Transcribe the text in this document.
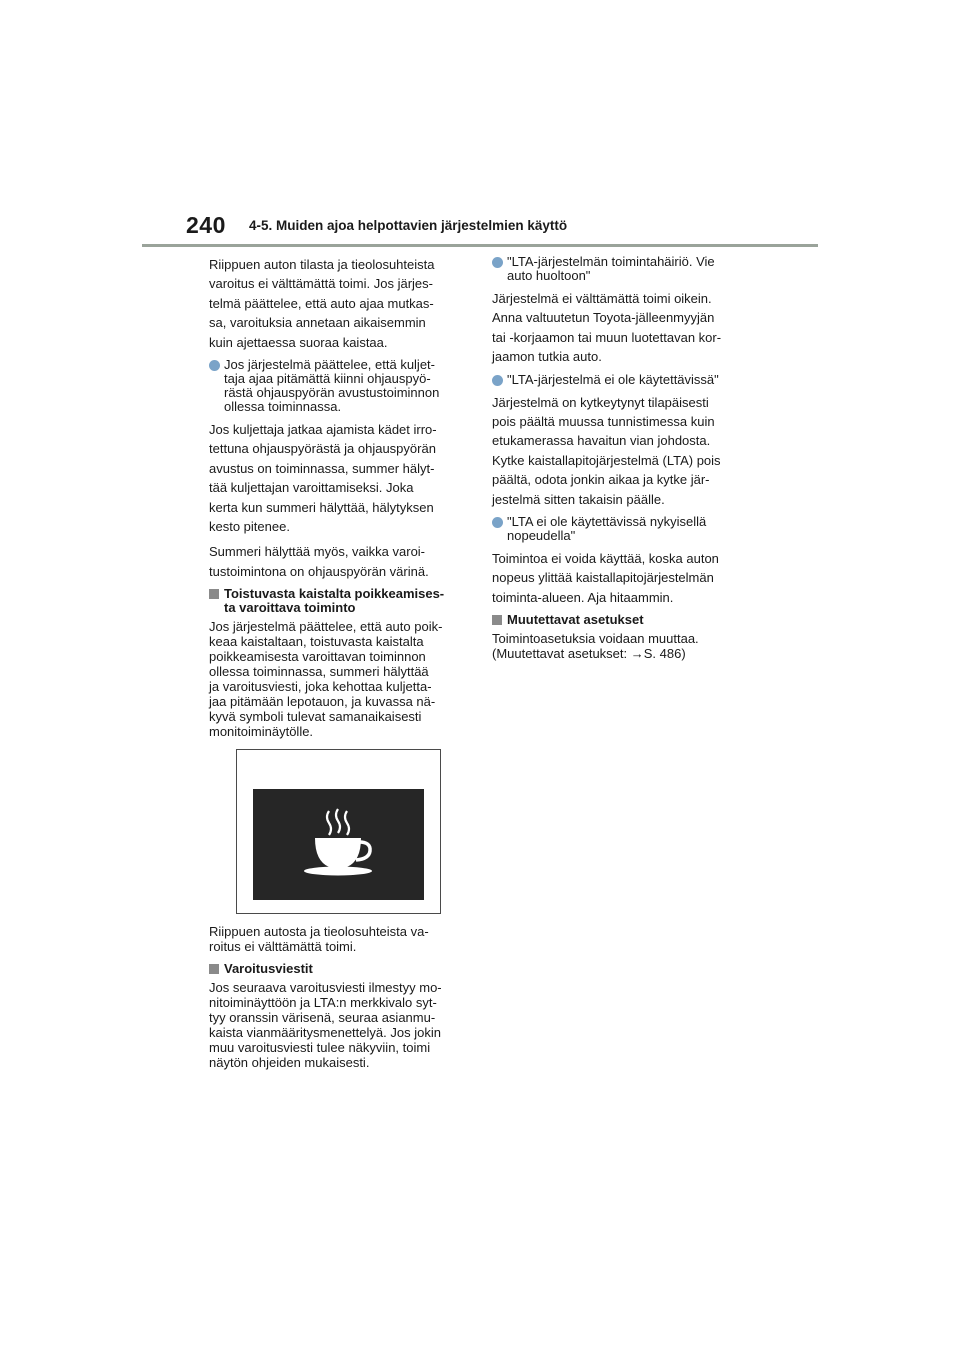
240 4-5. Muiden ajoa helpottavien järjestelmien käyttö
Riippuen auton tilasta ja tieolosuhteista
varoitus ei välttämättä toimi. Jos järjes-
telmä päättelee, että auto ajaa mutkas-
sa, varoituksia annetaan aikaisemmin
kuin ajettaessa suoraa kaistaa.
Jos järjestelmä päättelee, että kuljet-
taja ajaa pitämättä kiinni ohjauspyö-
rästä ohjauspyörän avustustoiminnon
ollessa toiminnassa.
Jos kuljettaja jatkaa ajamista kädet irro-
tettuna ohjauspyörästä ja ohjauspyörän
avustus on toiminnassa, summer hälyt-
tää kuljettajan varoittamiseksi. Joka
kerta kun summeri hälyttää, hälytyksen
kesto pitenee.
Summeri hälyttää myös, vaikka varoi-
tustoimintona on ohjauspyörän värinä.
Toistuvasta kaistalta poikkeamises-
ta varoittava toiminto
Jos järjestelmä päättelee, että auto poik-
keaa kaistaltaan, toistuvasta kaistalta
poikkeamisesta varoittavan toiminnon
ollessa toiminnassa, summeri hälyttää
ja varoitusviesti, joka kehottaa kuljetta-
jaa pitämään lepotauon, ja kuvassa nä-
kyvä symboli tulevat samanaikaisesti
monitoiminäytölle.
Riippuen autosta ja tieolosuhteista va-
roitus ei välttämättä toimi.
Varoitusviestit
Jos seuraava varoitusviesti ilmestyy mo-
nitoiminäyttöön ja LTA:n merkkivalo syt-
tyy oranssin värisenä, seuraa asianmu-
kaista vianmääritysmenettelyä. Jos jokin
muu varoitusviesti tulee näkyviin, toimi
näytön ohjeiden mukaisesti.
"LTA-järjestelmän toimintahäiriö. Vie
auto huoltoon"
Järjestelmä ei välttämättä toimi oikein.
Anna valtuutetun Toyota-jälleenmyyjän
tai -korjaamon tai muun luotettavan kor-
jaamon tutkia auto.
"LTA-järjestelmä ei ole käytettävissä"
Järjestelmä on kytkeytynyt tilapäisesti
pois päältä muussa tunnistimessa kuin
etukamerassa havaitun vian johdosta.
Kytke kaistallapitojärjestelmä (LTA) pois
päältä, odota jonkin aikaa ja kytke jär-
jestelmä sitten takaisin päälle.
"LTA ei ole käytettävissä nykyisellä
nopeudella"
Toimintoa ei voida käyttää, koska auton
nopeus ylittää kaistallapitojärjestelmän
toiminta-alueen. Aja hitaammin.
Muutettavat asetukset
Toimintoasetuksia voidaan muuttaa.
(Muutettavat asetukset: →S. 486)
